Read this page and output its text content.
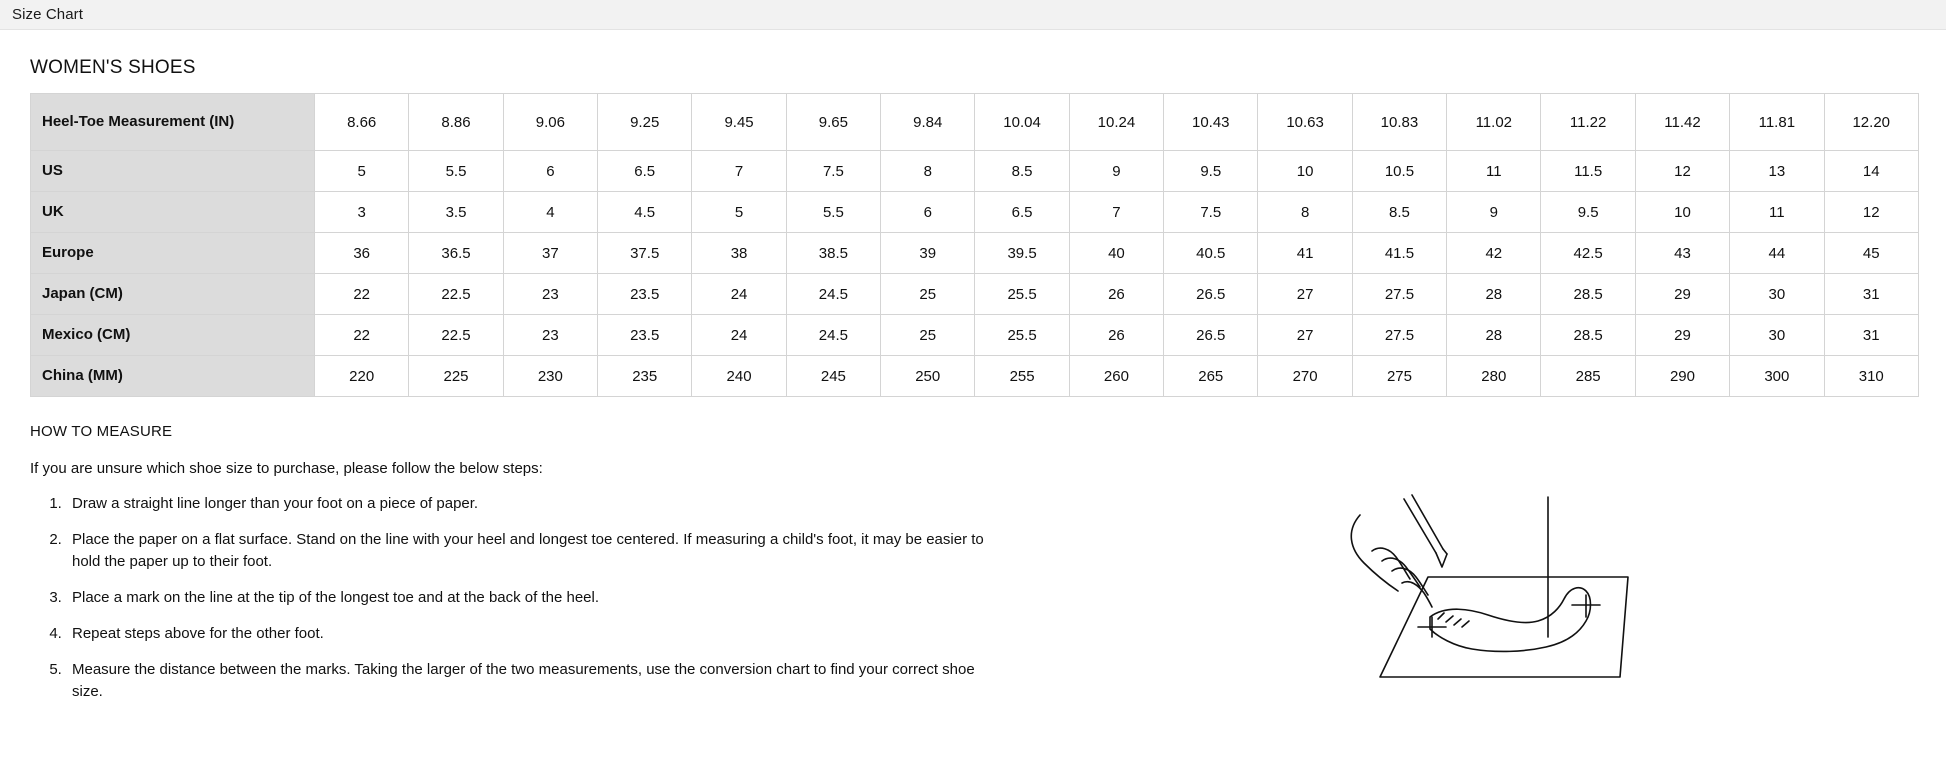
Size Chart
WOMEN'S SHOES
Heel-Toe Measurement (IN)	8.66	8.86	9.06	9.25	9.45	9.65	9.84	10.04	10.24	10.43	10.63	10.83	11.02	11.22	11.42	11.81	12.20
US	5	5.5	6	6.5	7	7.5	8	8.5	9	9.5	10	10.5	11	11.5	12	13	14
UK	3	3.5	4	4.5	5	5.5	6	6.5	7	7.5	8	8.5	9	9.5	10	11	12
Europe	36	36.5	37	37.5	38	38.5	39	39.5	40	40.5	41	41.5	42	42.5	43	44	45
Japan (CM)	22	22.5	23	23.5	24	24.5	25	25.5	26	26.5	27	27.5	28	28.5	29	30	31
Mexico (CM)	22	22.5	23	23.5	24	24.5	25	25.5	26	26.5	27	27.5	28	28.5	29	30	31
China (MM)	220	225	230	235	240	245	250	255	260	265	270	275	280	285	290	300	310
HOW TO MEASURE
If you are unsure which shoe size to purchase, please follow the below steps:
1. Draw a straight line longer than your foot on a piece of paper.
2. Place the paper on a flat surface. Stand on the line with your heel and longest toe centered. If measuring a child's foot, it may be easier to hold the paper up to their foot.
3. Place a mark on the line at the tip of the longest toe and at the back of the heel.
4. Repeat steps above for the other foot.
5. Measure the distance between the marks. Taking the larger of the two measurements, use the conversion chart to find your correct shoe size.
